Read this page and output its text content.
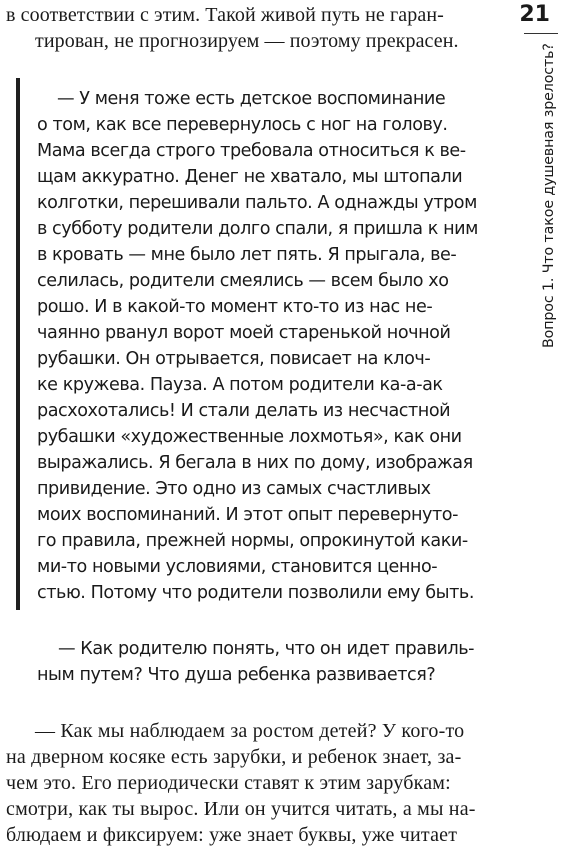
в соответствии с этим. Такой живой путь не гаран-
тирован, не прогнозируем — поэтому прекрасен.
— У меня тоже есть детское воспоминание
о том, как все перевернулось с ног на голову.
Мама всегда строго требовала относиться к ве-
щам аккуратно. Денег не хватало, мы штопали
колготки, перешивали пальто. А однажды утром
в субботу родители долго спали, я пришла к ним
в кровать — мне было лет пять. Я прыгала, ве-
селилась, родители смеялись — всем было хо
рошо. И в какой-то момент кто-то из нас не-
чаянно рванул ворот моей старенькой ночной
рубашки. Он отрывается, повисает на клоч-
ке кружева. Пауза. А потом родители ка-а-ак
расхохотались! И стали делать из несчастной
рубашки «художественные лохмотья», как они
выражались. Я бегала в них по дому, изображая
привидение. Это одно из самых счастливых
моих воспоминаний. И этот опыт перевернуто-
го правила, прежней нормы, опрокинутой каки-
ми-то новыми условиями, становится ценно-
стью. Потому что родители позволили ему быть.
— Как родителю понять, что он идет правиль-
ным путем? Что душа ребенка развивается?
— Как мы наблюдаем за ростом детей? У кого-то
на дверном косяке есть зарубки, и ребенок знает, за-
чем это. Его периодически ставят к этим зарубкам:
смотри, как ты вырос. Или он учится читать, а мы на-
блюдаем и фиксируем: уже знает буквы, уже читает
21
Вопрос 1. Что такое душевная зрелость?
